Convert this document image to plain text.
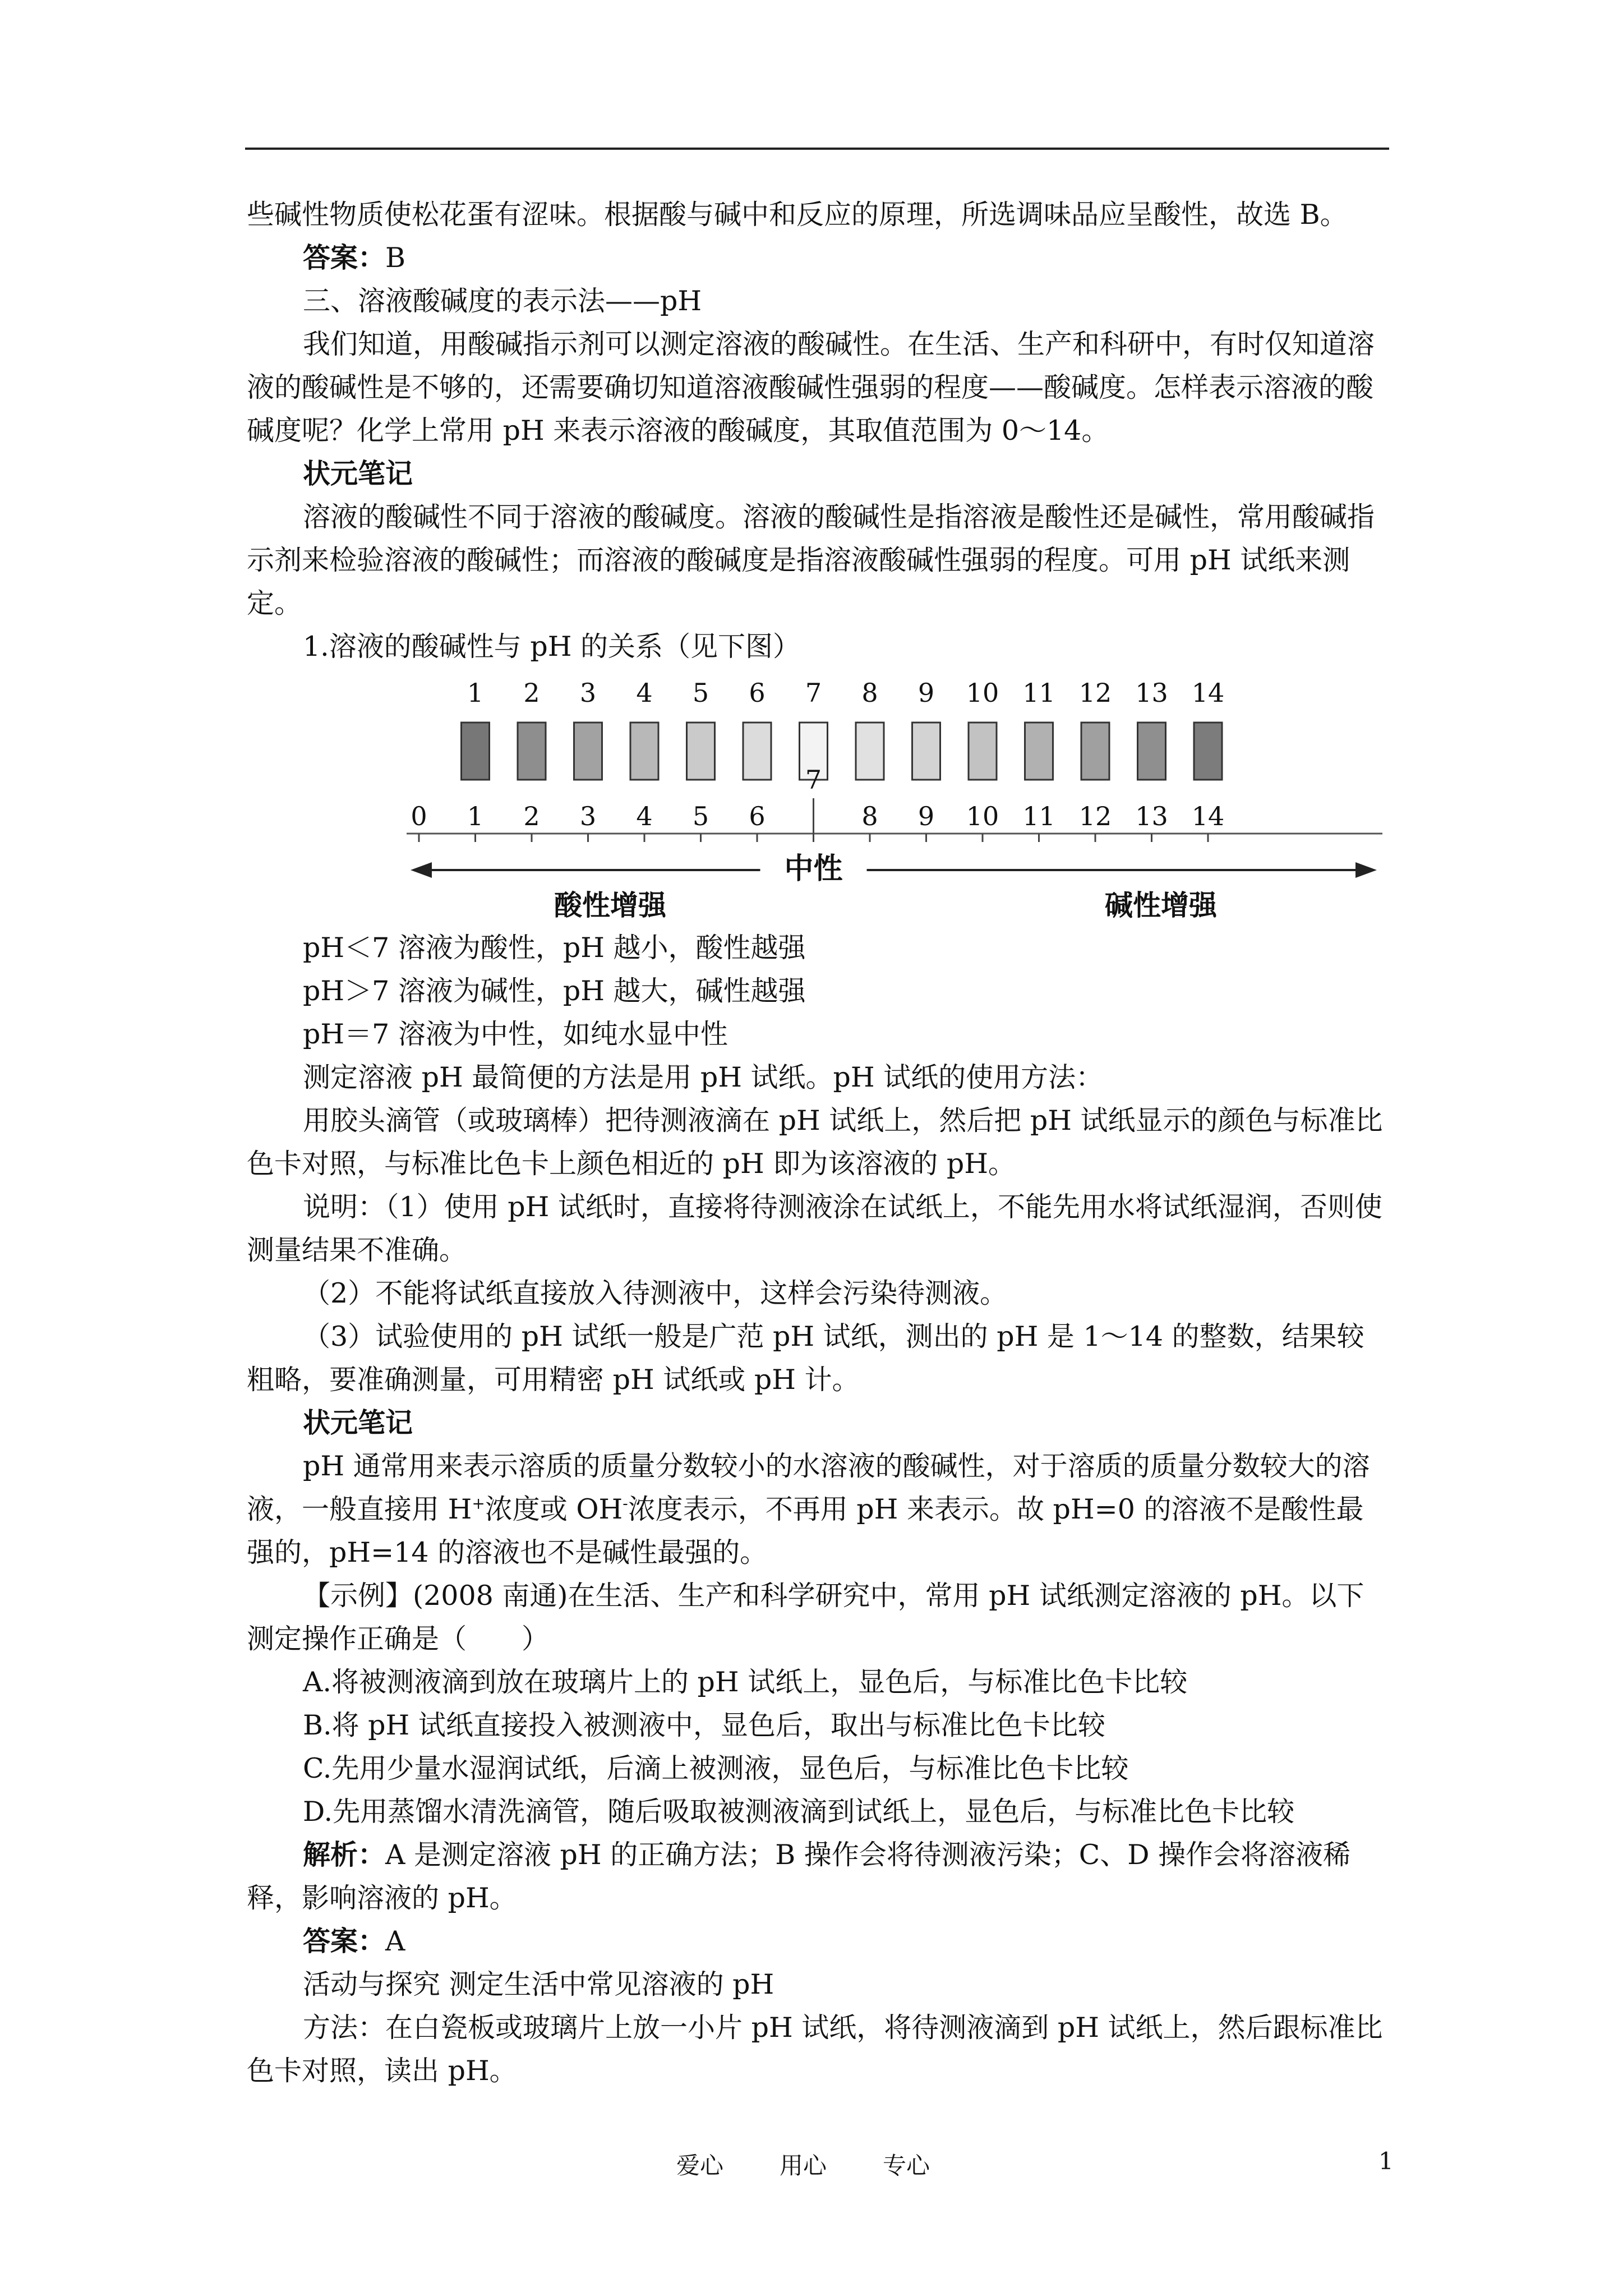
些碱性物质使松花蛋有涩味。根据酸与碱中和反应的原理，所选调味品应呈酸性，故选 B。

答案：B

三、溶液酸碱度的表示法——pH

我们知道，用酸碱指示剂可以测定溶液的酸碱性。在生活、生产和科研中，有时仅知道溶液的酸碱性是不够的，还需要确切知道溶液酸碱性强弱的程度——酸碱度。怎样表示溶液的酸碱度呢？化学上常用 pH 来表示溶液的酸碱度，其取值范围为 0～14。

状元笔记

溶液的酸碱性不同于溶液的酸碱度。溶液的酸碱性是指溶液是酸性还是碱性，常用酸碱指示剂来检验溶液的酸碱性；而溶液的酸碱度是指溶液酸碱性强弱的程度。可用 pH 试纸来测定。

1.溶液的酸碱性与 pH 的关系（见下图）

1 2 3 4 5 6 7 8 9 10 11 12 13 14
0 1 2 3 4 5 6
7
8 9 10 11 12 13 14
中性
酸性增强	碱性增强

pH＜7 溶液为酸性，pH 越小，酸性越强

pH＞7 溶液为碱性，pH 越大，碱性越强

pH＝7 溶液为中性，如纯水显中性

测定溶液 pH 最简便的方法是用 pH 试纸。pH 试纸的使用方法：

用胶头滴管（或玻璃棒）把待测液滴在 pH 试纸上，然后把 pH 试纸显示的颜色与标准比色卡对照，与标准比色卡上颜色相近的 pH 即为该溶液的 pH。

说明：（1）使用 pH 试纸时，直接将待测液涂在试纸上，不能先用水将试纸湿润，否则使测量结果不准确。

（2）不能将试纸直接放入待测液中，这样会污染待测液。

（3）试验使用的 pH 试纸一般是广范 pH 试纸，测出的 pH 是 1～14 的整数，结果较粗略，要准确测量，可用精密 pH 试纸或 pH 计。

状元笔记

pH 通常用来表示溶质的质量分数较小的水溶液的酸碱性，对于溶质的质量分数较大的溶液，一般直接用 H+浓度或 OH-浓度表示，不再用 pH 来表示。故 pH=0 的溶液不是酸性最强的，pH=14 的溶液也不是碱性最强的。

【示例】(2008 南通)在生活、生产和科学研究中，常用 pH 试纸测定溶液的 pH。以下测定操作正确是（　　）

A.将被测液滴到放在玻璃片上的 pH 试纸上，显色后，与标准比色卡比较

B.将 pH 试纸直接投入被测液中，显色后，取出与标准比色卡比较

C.先用少量水湿润试纸，后滴上被测液，显色后，与标准比色卡比较

D.先用蒸馏水清洗滴管，随后吸取被测液滴到试纸上，显色后，与标准比色卡比较

解析：A 是测定溶液 pH 的正确方法；B 操作会将待测液污染；C、D 操作会将溶液稀释，影响溶液的 pH。

答案：A

活动与探究 测定生活中常见溶液的 pH

方法：在白瓷板或玻璃片上放一小片 pH 试纸，将待测液滴到 pH 试纸上，然后跟标准比色卡对照，读出 pH。

爱心 用心 专心	1
